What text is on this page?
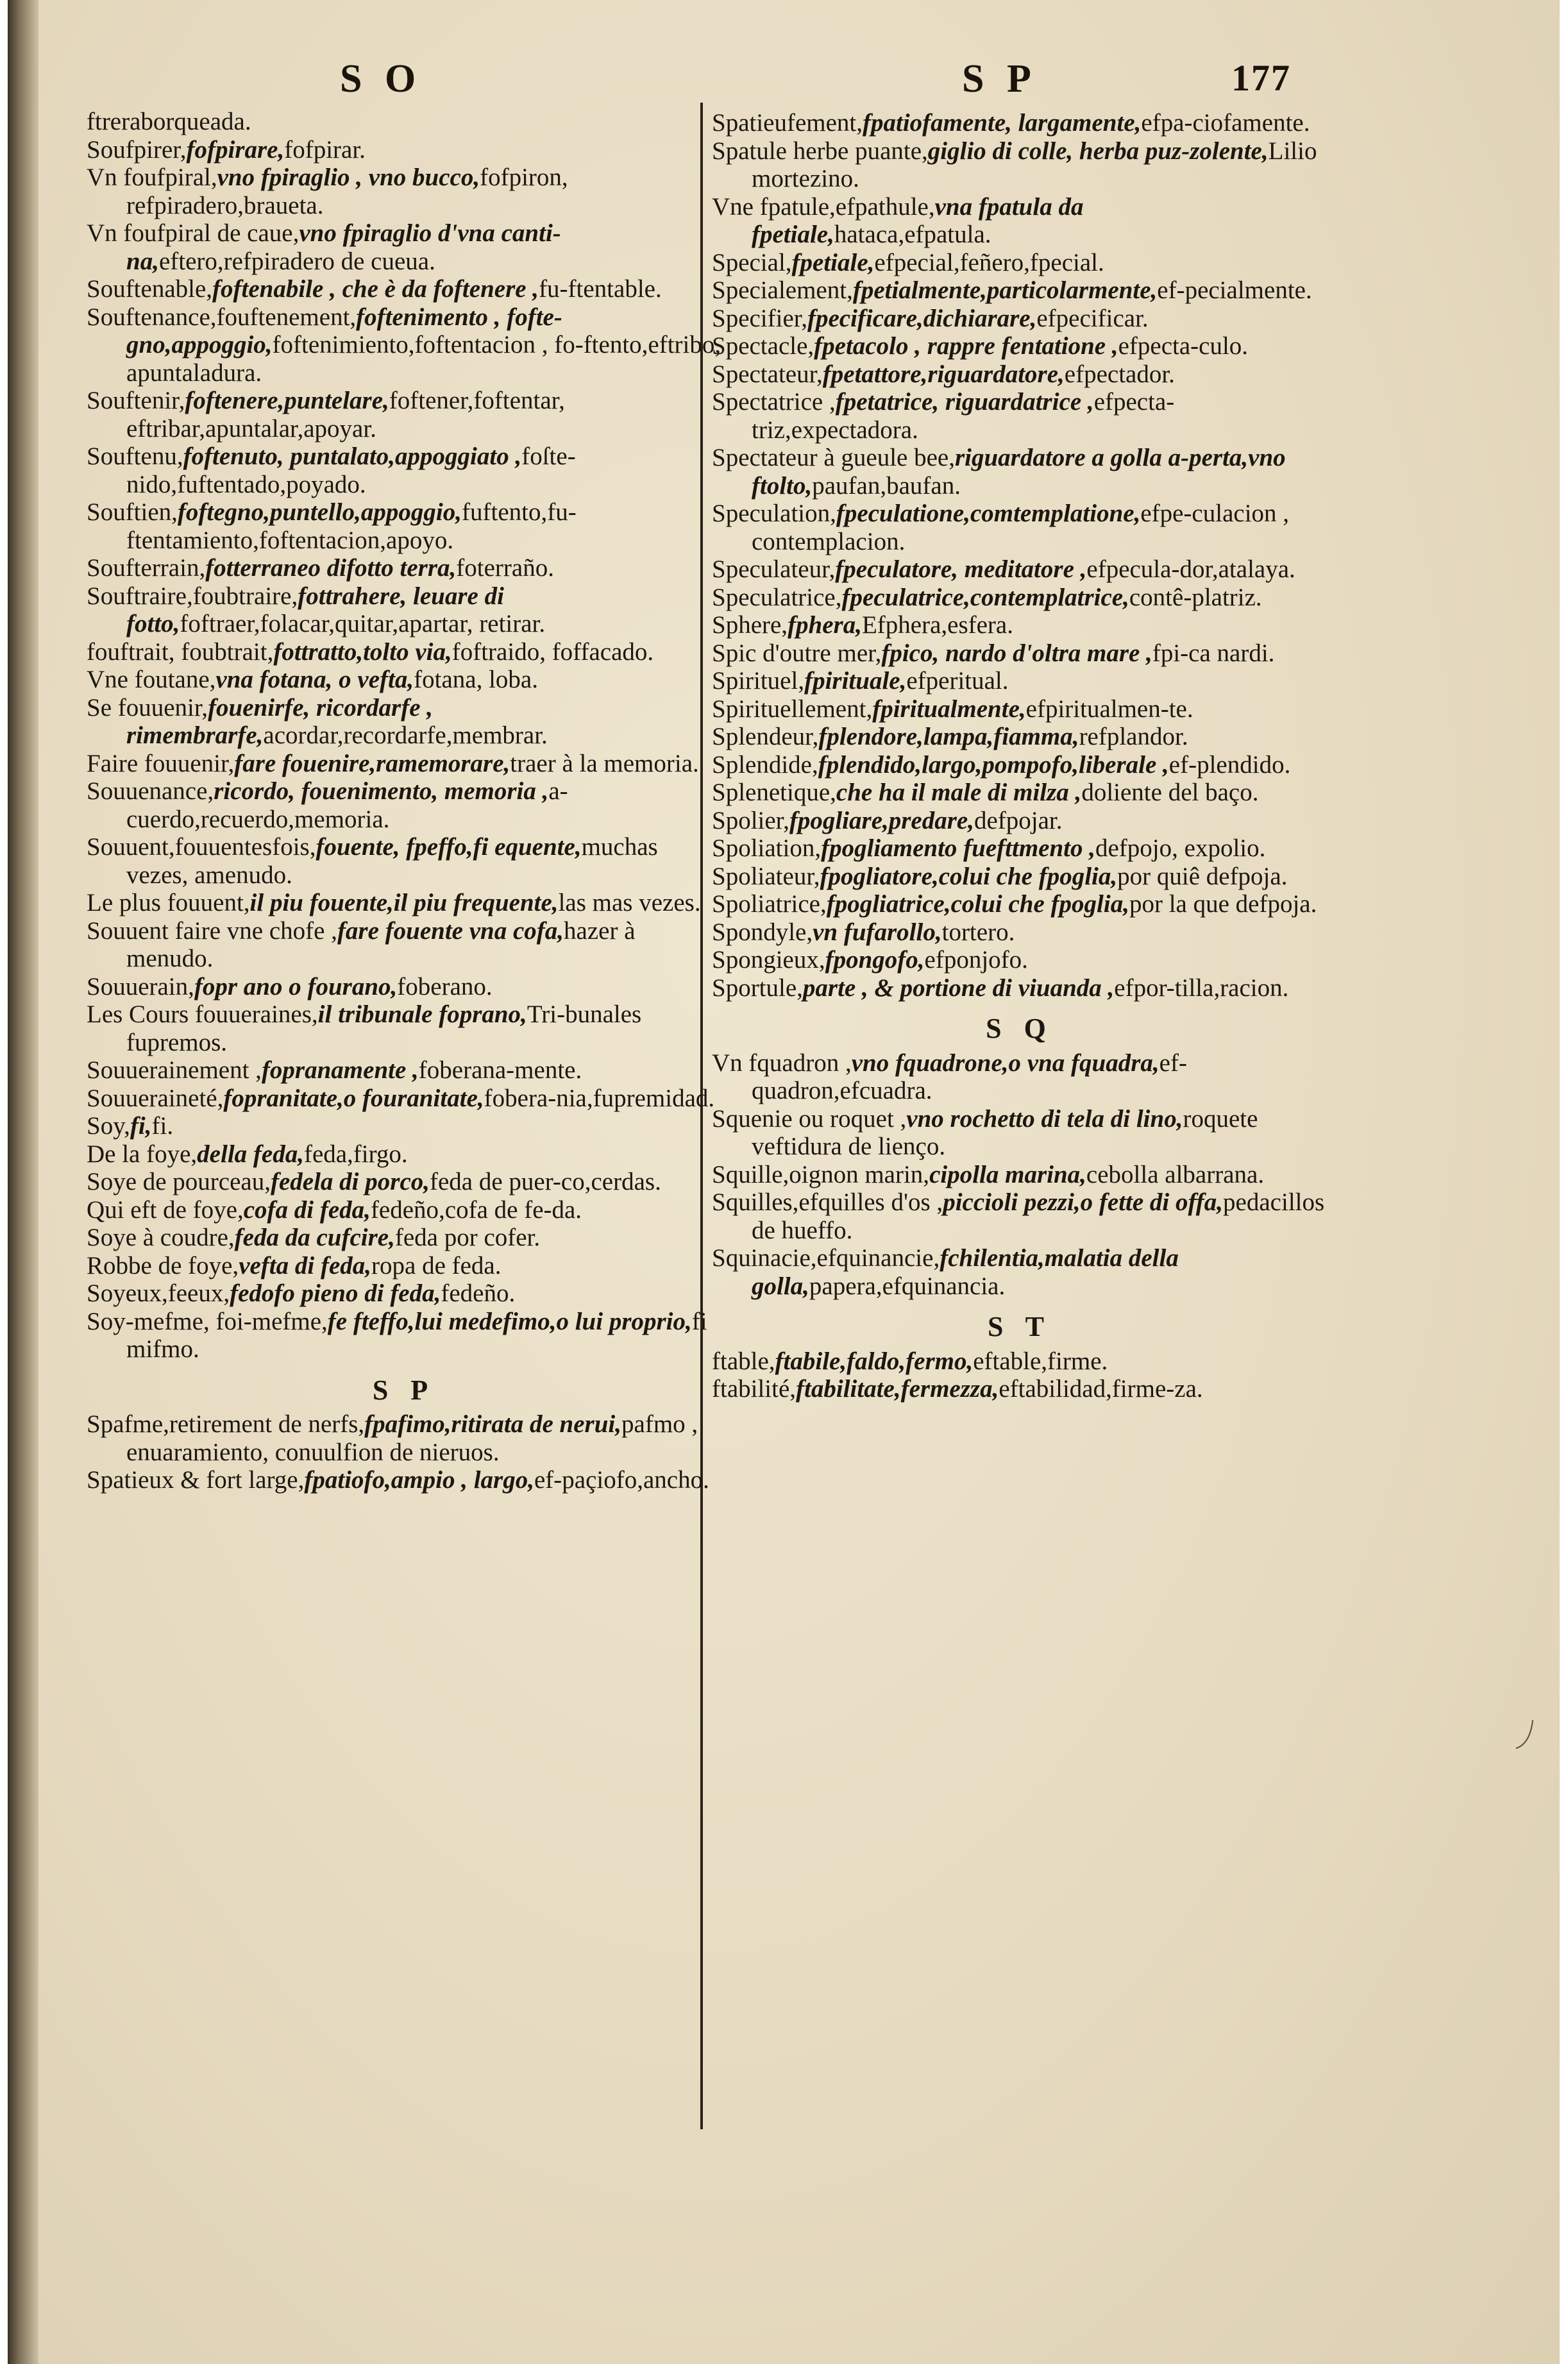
S O	S P	177

ftreraborqueada.

Soufpirer,fofpirare,fofpirar.

Vn foufpiral,vno fpiraglio , vno bucco,fofpiron, refpiradero,braueta.

Vn foufpiral de caue,vno fpiraglio d'vna canti-na,eftero,refpiradero de cueua.

Souftenable,foftenabile , che è da foftenere ,fu-ftentable.

Souftenance,fouftenement,foftenimento , fofte-gno,appoggio,foftenimiento,foftentacion , fo-ftento,eftribo, apuntaladura.

Souftenir,foftenere,puntelare,foftener,foftentar, eftribar,apuntalar,apoyar.

Souftenu,foftenuto, puntalato,appoggiato ,foſte-nido,fuftentado,poyado.

Souftien,foftegno,puntello,appoggio,fuftento,fu-ftentamiento,foftentacion,apoyo.

Soufterrain,fotterraneo difotto terra,foterraño.

Souftraire,foubtraire,fottrahere, leuare di fotto,foftraer,folacar,quitar,apartar, retirar.

fouftrait, foubtrait,fottratto,tolto via,foftraido, foffacado.

Vne foutane,vna fotana, o vefta,fotana, loba.

Se fouuenir,fouenirfe, ricordarfe , rimembrarfe,acordar,recordarfe,membrar.

Faire fouuenir,fare fouenire,ramemorare,traer à la memoria.

Souuenance,ricordo, fouenimento, memoria ,a-cuerdo,recuerdo,memoria.

Souuent,fouuentesfois,fouente, fpeffo,fi equente,muchas vezes, amenudo.

Le plus fouuent,il piu fouente,il piu frequente,las mas vezes.

Souuent faire vne chofe ,fare fouente vna cofa,hazer à menudo.

Souuerain,fopr ano o fourano,foberano.

Les Cours fouueraines,il tribunale foprano,Tri-bunales fupremos.

Souuerainement ,fopranamente ,foberana-mente.

Souueraineté,fopranitate,o fouranitate,fobera-nia,fupremidad.

Soy,fi,fi.

De la foye,della feda,feda,firgo.

Soye de pourceau,fedela di porco,feda de puer-co,cerdas.

Qui eft de foye,cofa di feda,fedeño,cofa de fe-da.

Soye à coudre,feda da cufcire,feda por cofer.

Robbe de foye,vefta di feda,ropa de feda.

Soyeux,feeux,fedofo pieno di feda,fedeño.

Soy-mefme, foi-mefme,fe fteffo,lui medefimo,o lui proprio,fi mifmo.

S P

Spafme,retirement de nerfs,fpafimo,ritirata de nerui,pafmo , enuaramiento, conuulfion de nieruos.

Spatieux & fort large,fpatiofo,ampio , largo,ef-paçiofo,ancho.

Spatieufement,fpatiofamente, largamente,efpa-ciofamente.

Spatule herbe puante,giglio di colle, herba puz-zolente,Lilio mortezino.

Vne fpatule,efpathule,vna fpatula da fpetiale,hataca,efpatula.

Special,fpetiale,efpecial,feñero,fpecial.

Specialement,fpetialmente,particolarmente,ef-pecialmente.

Specifier,fpecificare,dichiarare,efpecificar.

Spectacle,fpetacolo , rappre fentatione ,efpecta-culo.

Spectateur,fpetattore,riguardatore,efpectador.

Spectatrice ,fpetatrice, riguardatrice ,efpecta-triz,expectadora.

Spectateur à gueule bee,riguardatore a golla a-perta,vno ftolto,paufan,baufan.

Speculation,fpeculatione,comtemplatione,efpe-culacion , contemplacion.

Speculateur,fpeculatore, meditatore ,efpecula-dor,atalaya.

Speculatrice,fpeculatrice,contemplatrice,contê-platriz.

Sphere,fphera,Efphera,esfera.

Spic d'outre mer,fpico, nardo d'oltra mare ,fpi-ca nardi.

Spirituel,fpirituale,efperitual.

Spirituellement,fpiritualmente,efpiritualmen-te.

Splendeur,fplendore,lampa,fiamma,refplandor.

Splendide,fplendido,largo,pompofo,liberale ,ef-plendido.

Splenetique,che ha il male di milza ,doliente del baço.

Spolier,fpogliare,predare,defpojar.

Spoliation,fpogliamento fuefttmento ,defpojo, expolio.

Spoliateur,fpogliatore,colui che fpoglia,por quiê defpoja.

Spoliatrice,fpogliatrice,colui che fpoglia,por la que defpoja.

Spondyle,vn fufarollo,tortero.

Spongieux,fpongofo,efponjofo.

Sportule,parte , & portione di viuanda ,efpor-tilla,racion.

S Q

Vn fquadron ,vno fquadrone,o vna fquadra,ef-quadron,efcuadra.

Squenie ou roquet ,vno rochetto di tela di lino,roquete veftidura de lienço.

Squille,oignon marin,cipolla marina,cebolla albarrana.

Squilles,efquilles d'os ,piccioli pezzi,o fette di offa,pedacillos de hueffo.

Squinacie,efquinancie,fchilentia,malatia della golla,papera,efquinancia.

S T

ftable,ftabile,faldo,fermo,eftable,firme.

ftabilité,ftabilitate,fermezza,eftabilidad,firme-za.
